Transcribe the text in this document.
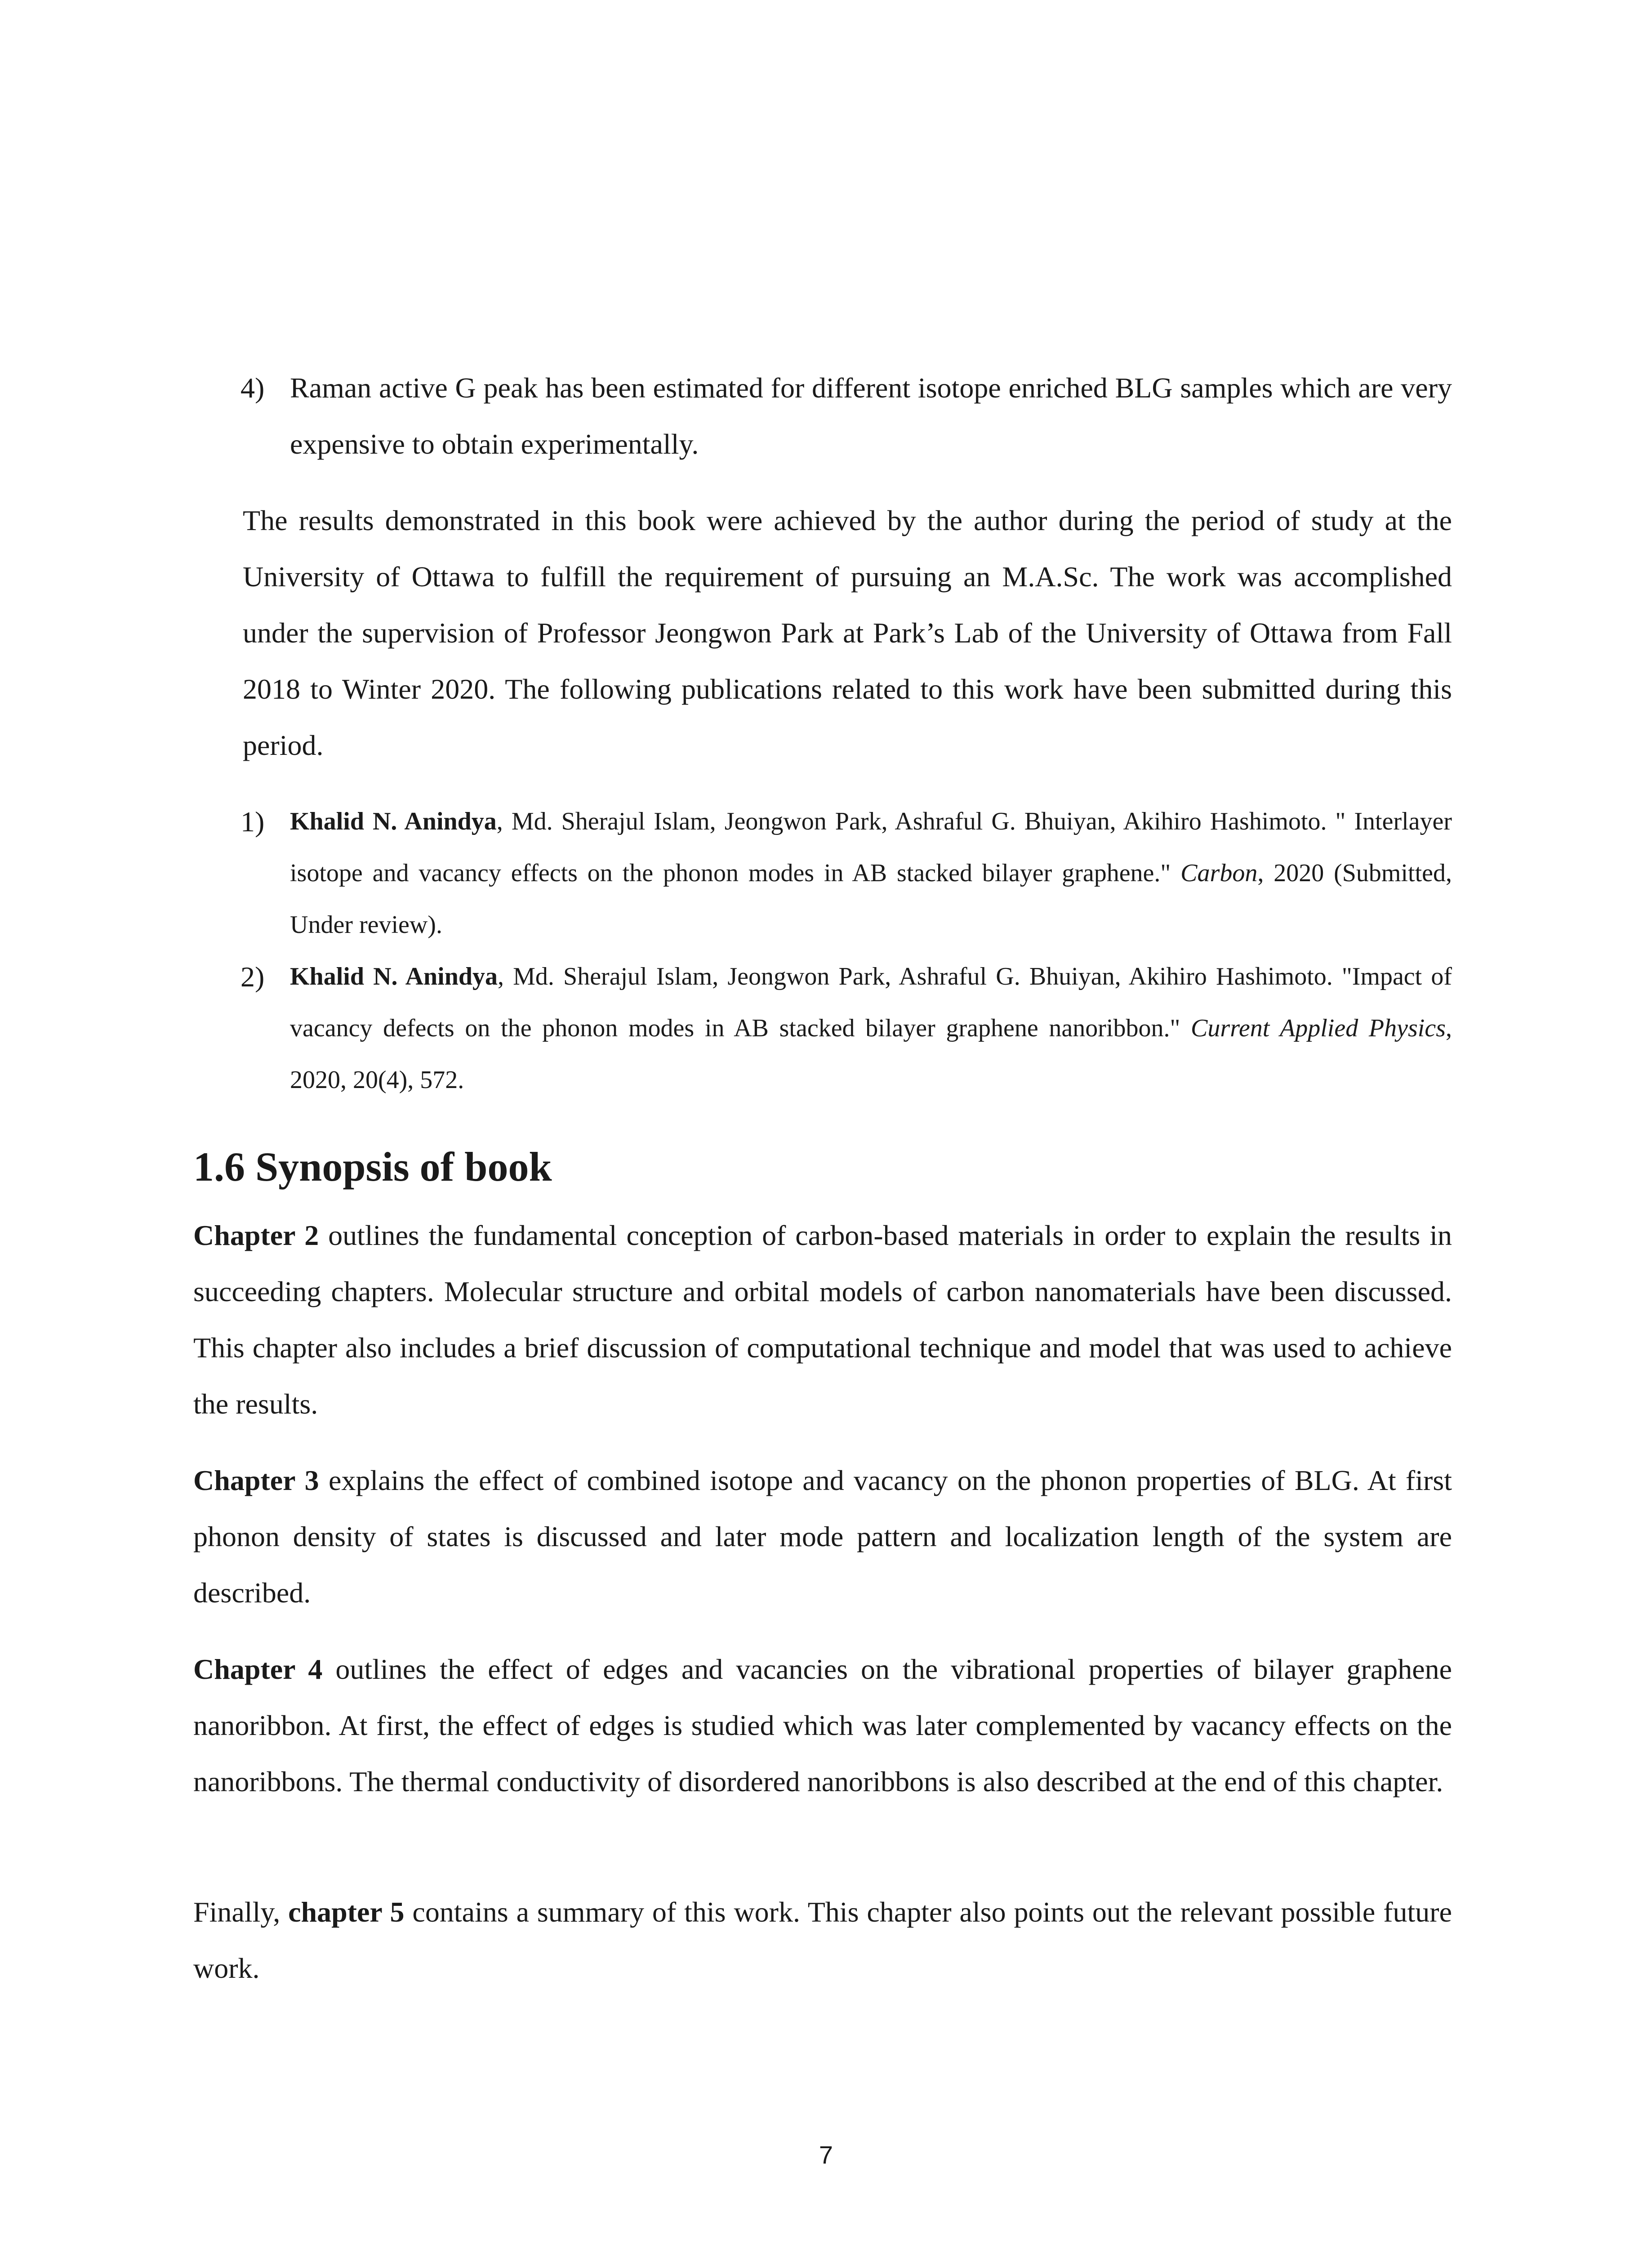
4) Raman active G peak has been estimated for different isotope enriched BLG samples which are very expensive to obtain experimentally.

The results demonstrated in this book were achieved by the author during the period of study at the University of Ottawa to fulfill the requirement of pursuing an M.A.Sc. The work was accomplished under the supervision of Professor Jeongwon Park at Park’s Lab of the University of Ottawa from Fall 2018 to Winter 2020. The following publications related to this work have been submitted during this period.

1) Khalid N. Anindya, Md. Sherajul Islam, Jeongwon Park, Ashraful G. Bhuiyan, Akihiro Hashimoto. " Interlayer isotope and vacancy effects on the phonon modes in AB stacked bilayer graphene." Carbon, 2020 (Submitted, Under review).

2) Khalid N. Anindya, Md. Sherajul Islam, Jeongwon Park, Ashraful G. Bhuiyan, Akihiro Hashimoto. "Impact of vacancy defects on the phonon modes in AB stacked bilayer graphene nanoribbon." Current Applied Physics, 2020, 20(4), 572.

1.6 Synopsis of book

Chapter 2 outlines the fundamental conception of carbon-based materials in order to explain the results in succeeding chapters. Molecular structure and orbital models of carbon nanomaterials have been discussed. This chapter also includes a brief discussion of computational technique and model that was used to achieve the results.

Chapter 3 explains the effect of combined isotope and vacancy on the phonon properties of BLG. At first phonon density of states is discussed and later mode pattern and localization length of the system are described.

Chapter 4 outlines the effect of edges and vacancies on the vibrational properties of bilayer graphene nanoribbon. At first, the effect of edges is studied which was later complemented by vacancy effects on the nanoribbons. The thermal conductivity of disordered nanoribbons is also described at the end of this chapter.

Finally, chapter 5 contains a summary of this work. This chapter also points out the relevant possible future work.

7
